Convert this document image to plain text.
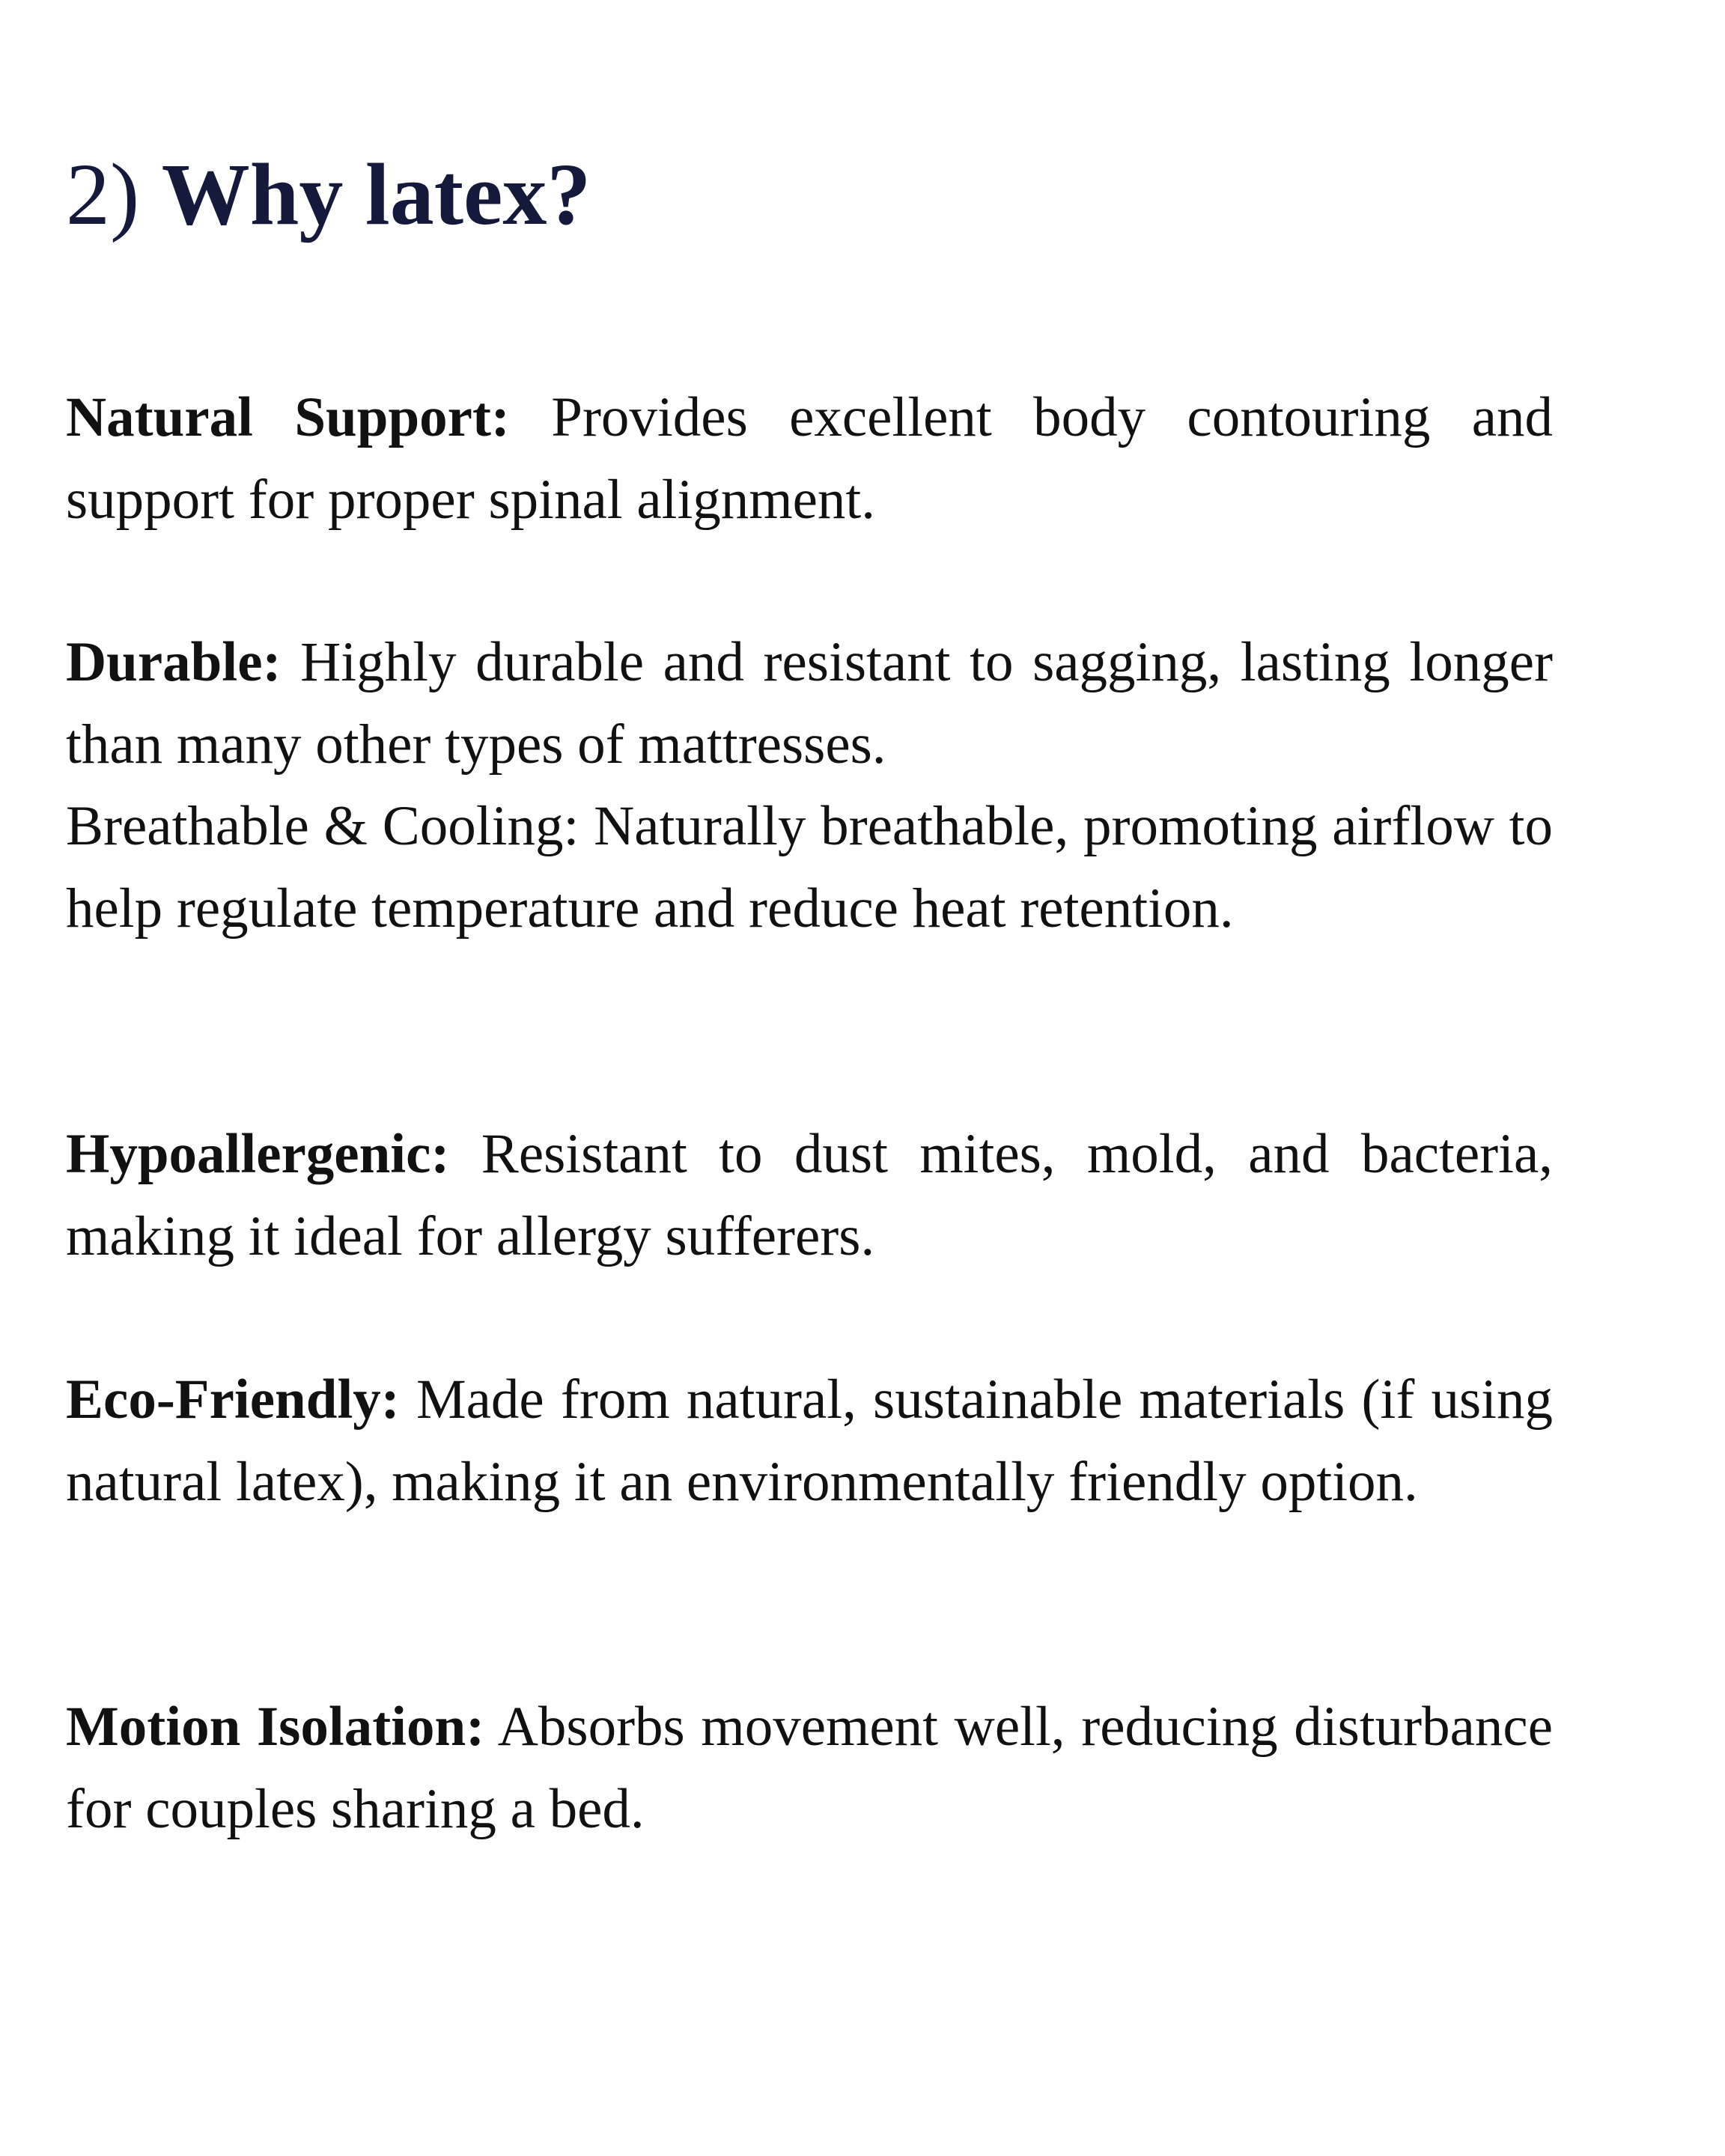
2) Why latex?

Natural Support: Provides excellent body contouring and support for proper spinal alignment.

Durable: Highly durable and resistant to sagging, lasting longer than many other types of mattresses.

Breathable & Cooling: Naturally breathable, promoting airflow to help regulate temperature and reduce heat retention.

Hypoallergenic: Resistant to dust mites, mold, and bacteria, making it ideal for allergy sufferers.

Eco-Friendly: Made from natural, sustainable materials (if using natural latex), making it an environmentally friendly option.

Motion Isolation: Absorbs movement well, reducing disturbance for couples sharing a bed.
